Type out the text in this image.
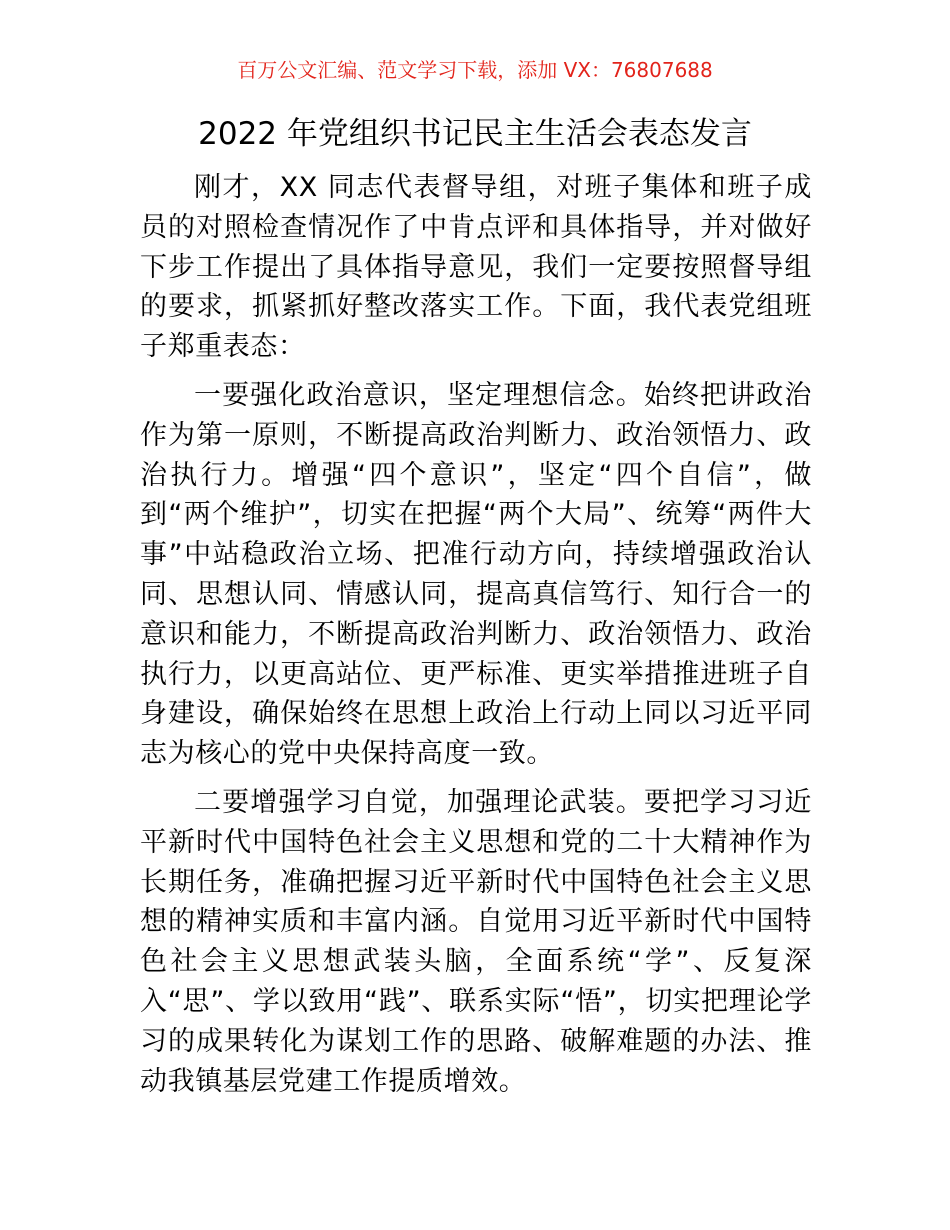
百万公文汇编、范文学习下载，添加 VX：76807688
2022 年党组织书记民主生活会表态发言

刚才，XX 同志代表督导组，对班子集体和班子成员的对照检查情况作了中肯点评和具体指导，并对做好下步工作提出了具体指导意见，我们一定要按照督导组的要求，抓紧抓好整改落实工作。下面，我代表党组班子郑重表态：

一要强化政治意识，坚定理想信念。始终把讲政治作为第一原则，不断提高政治判断力、政治领悟力、政治执行力。增强“四个意识”，坚定“四个自信”，做到“两个维护”，切实在把握“两个大局”、统筹“两件大事”中站稳政治立场、把准行动方向，持续增强政治认同、思想认同、情感认同，提高真信笃行、知行合一的意识和能力，不断提高政治判断力、政治领悟力、政治执行力，以更高站位、更严标准、更实举措推进班子自身建设，确保始终在思想上政治上行动上同以习近平同志为核心的党中央保持高度一致。

二要增强学习自觉，加强理论武装。要把学习习近平新时代中国特色社会主义思想和党的二十大精神作为长期任务，准确把握习近平新时代中国特色社会主义思想的精神实质和丰富内涵。自觉用习近平新时代中国特色社会主义思想武装头脑，全面系统“学”、反复深入“思”、学以致用“践”、联系实际“悟”，切实把理论学习的成果转化为谋划工作的思路、破解难题的办法、推动我镇基层党建工作提质增效。
